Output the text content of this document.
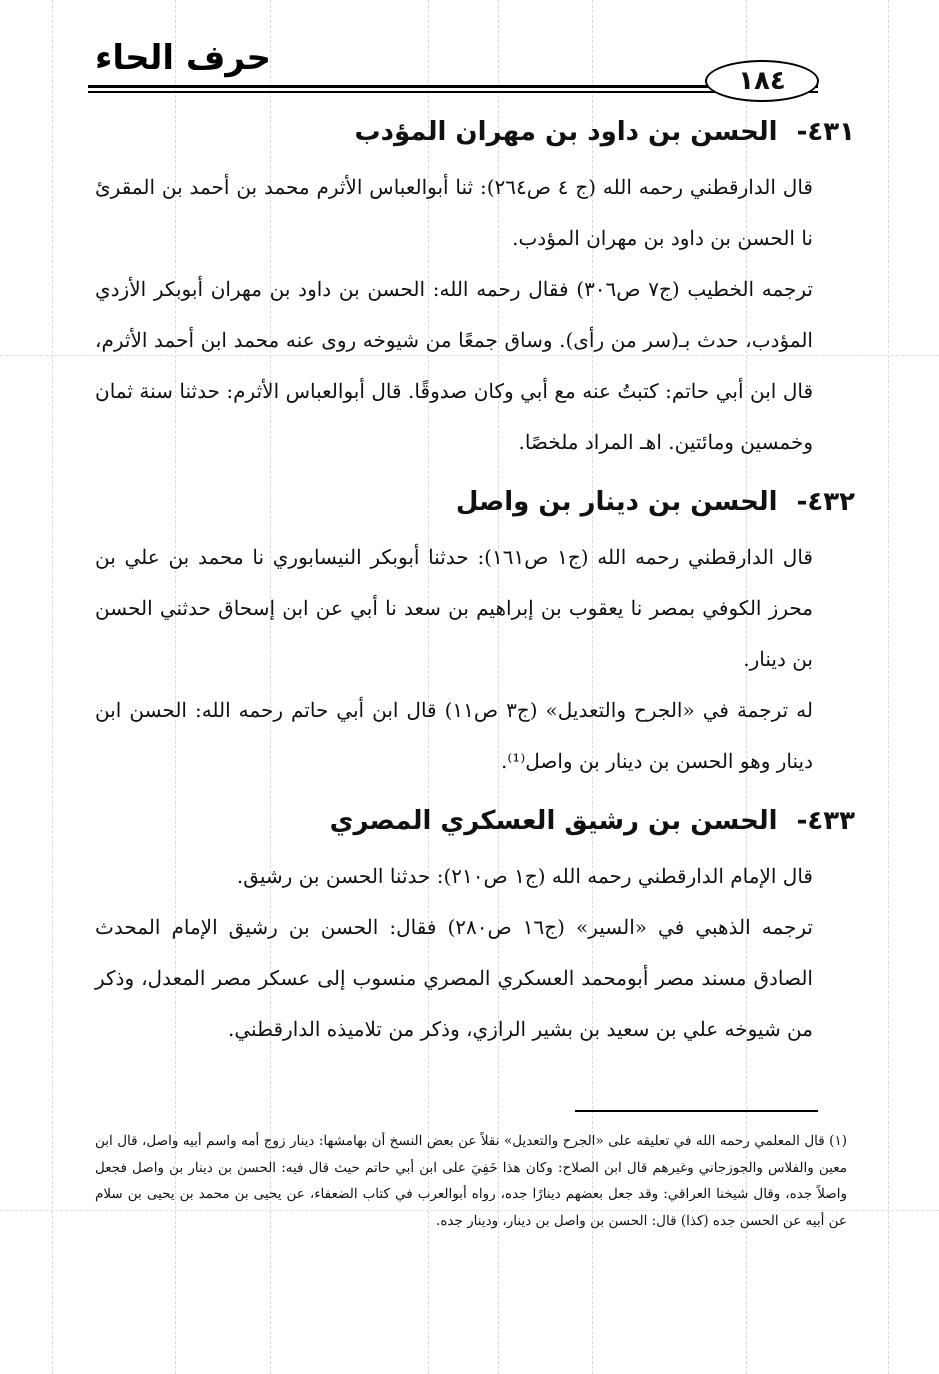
حرف الحاء
١٨٤
٤٣١- الحسن بن داود بن مهران المؤدب

قال الدارقطني رحمه الله (ج ٤ ص٢٦٤): ثنا أبوالعباس الأثرم محمد بن أحمد بن المقرئ نا الحسن بن داود بن مهران المؤدب.

ترجمه الخطيب (ج٧ ص٣٠٦) فقال رحمه الله: الحسن بن داود بن مهران أبوبكر الأزدي المؤدب، حدث بـ(سر من رأى). وساق جمعًا من شيوخه روى عنه محمد ابن أحمد الأثرم، قال ابن أبي حاتم: كتبتُ عنه مع أبي وكان صدوقًا. قال أبوالعباس الأثرم: حدثنا سنة ثمان وخمسين ومائتين. اهـ المراد ملخصًا.

٤٣٢- الحسن بن دينار بن واصل

قال الدارقطني رحمه الله (ج١ ص١٦١): حدثنا أبوبكر النيسابوري نا محمد بن علي بن محرز الكوفي بمصر نا يعقوب بن إبراهيم بن سعد نا أبي عن ابن إسحاق حدثني الحسن بن دينار.

له ترجمة في «الجرح والتعديل» (ج٣ ص١١) قال ابن أبي حاتم رحمه الله: الحسن ابن دينار وهو الحسن بن دينار بن واصل⁽¹⁾.

٤٣٣- الحسن بن رشيق العسكري المصري

قال الإمام الدارقطني رحمه الله (ج١ ص٢١٠): حدثنا الحسن بن رشيق.

ترجمه الذهبي في «السير» (ج١٦ ص٢٨٠) فقال: الحسن بن رشيق الإمام المحدث الصادق مسند مصر أبومحمد العسكري المصري منسوب إلى عسكر مصر المعدل، وذكر من شيوخه علي بن سعيد بن بشير الرازي، وذكر من تلاميذه الدارقطني.

(١) قال المعلمي رحمه الله في تعليقه على «الجرح والتعديل» نقلاً عن بعض النسخ أن بهامشها: دينار زوج أمه واسم أبيه واصل، قال ابن معين والفلاس والجوزجاني وغيرهم قال ابن الصلاح: وكان هذا خَفِيَ على ابن أبي حاتم حيث قال فيه: الحسن بن دينار بن واصل فجعل واصلاً جده، وقال شيخنا العراقي: وقد جعل بعضهم دينارًا جده، رواه أبوالعرب في كتاب الضعفاء، عن يحيى بن محمد بن يحيى بن سلام عن أبيه عن الحسن جده (كذا) قال: الحسن بن واصل بن دينار، ودينار جده.
